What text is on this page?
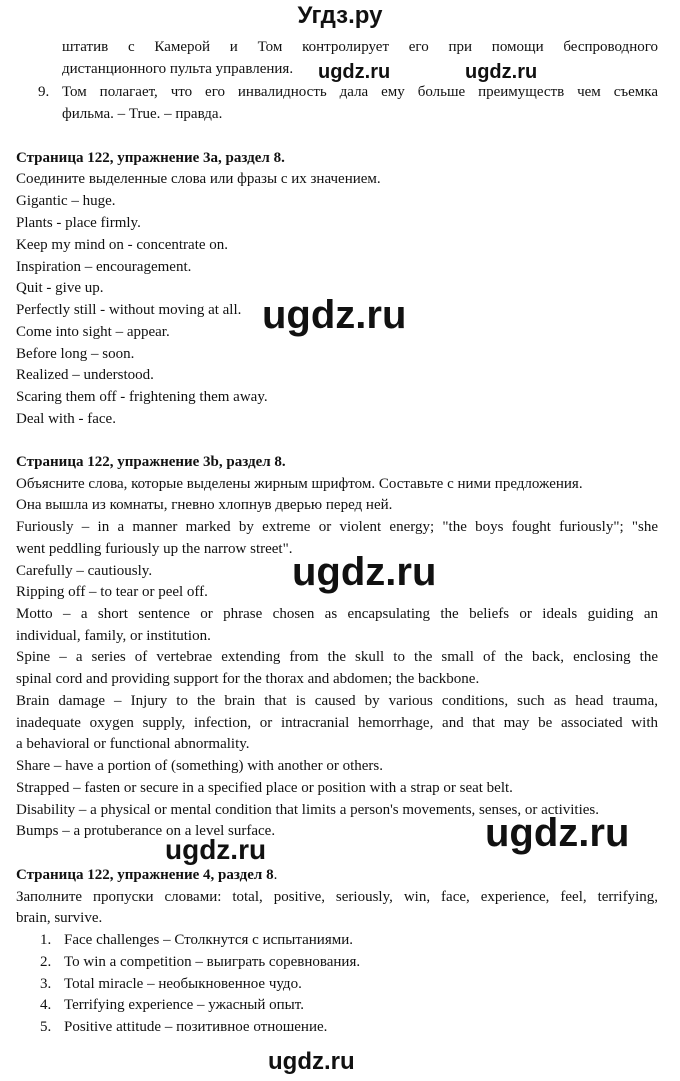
Угдз.ру
штатив с Камерой и Том контролирует его при помощи беспроводного
дистанционного пульта управления.
9. Том полагает, что его инвалидность дала ему больше преимуществ чем съемка
фильма. – True. – правда.
Страница 122, упражнение 3a, раздел 8.
Соедините выделенные слова или фразы с их значением.
Gigantic – huge.
Plants - place firmly.
Keep my mind on - concentrate on.
Inspiration – encouragement.
Quit - give up.
Perfectly still - without moving at all.
Come into sight – appear.
Before long – soon.
Realized – understood.
Scaring them off - frightening them away.
Deal with - face.
Страница 122, упражнение 3b, раздел 8.
Объясните слова, которые выделены жирным шрифтом. Составьте с ними предложения.
Она вышла из комнаты, гневно хлопнув дверью перед ней.
Furiously – in a manner marked by extreme or violent energy; "the boys fought furiously"; "she
went peddling furiously up the narrow street".
Carefully – cautiously.
Ripping off – to tear or peel off.
Motto – a short sentence or phrase chosen as encapsulating the beliefs or ideals guiding an
individual, family, or institution.
Spine – a series of vertebrae extending from the skull to the small of the back, enclosing the
spinal cord and providing support for the thorax and abdomen; the backbone.
Brain damage – Injury to the brain that is caused by various conditions, such as head trauma,
inadequate oxygen supply, infection, or intracranial hemorrhage, and that may be associated with
a behavioral or functional abnormality.
Share – have a portion of (something) with another or others.
Strapped – fasten or secure in a specified place or position with a strap or seat belt.
Disability – a physical or mental condition that limits a person's movements, senses, or activities.
Bumps – a protuberance on a level surface.
Страница 122, упражнение 4, раздел 8.
Заполните пропуски словами: total, positive, seriously, win, face, experience, feel, terrifying,
brain, survive.
1. Face challenges – Столкнутся с испытаниями.
2. To win a competition – выиграть соревнования.
3. Total miracle – необыкновенное чудо.
4. Terrifying experience – ужасный опыт.
5. Positive attitude – позитивное отношение.
ugdz.ru	ugdz.ru
ugdz.ru
ugdz.ru
ugdz.ru
ugdz.ru
ugdz.ru
